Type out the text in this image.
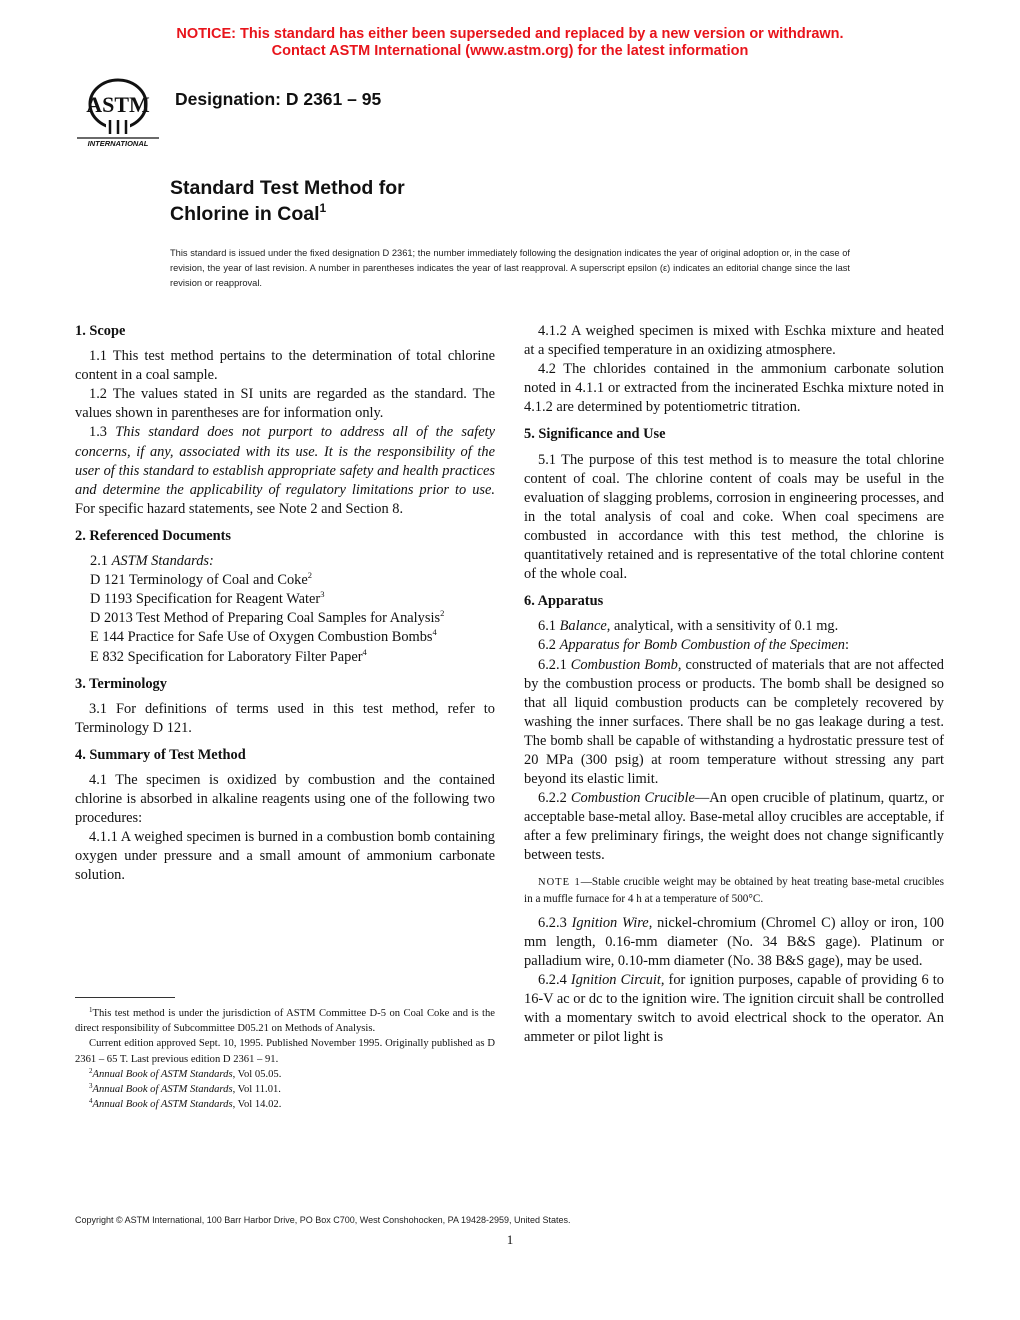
NOTICE: This standard has either been superseded and replaced by a new version or withdrawn.
Contact ASTM International (www.astm.org) for the latest information
ASTM
INTERNATIONAL
Designation: D 2361 – 95
Standard Test Method for
Chlorine in Coal$^1$
This standard is issued under the fixed designation D 2361; the number immediately following the designation indicates the year of original adoption or, in the case of revision, the year of last revision. A number in parentheses indicates the year of last reapproval. A superscript epsilon (ε) indicates an editorial change since the last revision or reapproval.
1. Scope
1.1 This test method pertains to the determination of total chlorine content in a coal sample.
1.2 The values stated in SI units are regarded as the standard. The values shown in parentheses are for information only.
1.3 This standard does not purport to address all of the safety concerns, if any, associated with its use. It is the responsibility of the user of this standard to establish appropriate safety and health practices and determine the applicability of regulatory limitations prior to use. For specific hazard statements, see Note 2 and Section 8.
2. Referenced Documents
2.1 ASTM Standards:
D 121 Terminology of Coal and Coke$^2$
D 1193 Specification for Reagent Water$^3$
D 2013 Test Method of Preparing Coal Samples for Analysis$^2$
E 144 Practice for Safe Use of Oxygen Combustion Bombs$^4$
E 832 Specification for Laboratory Filter Paper$^4$
3. Terminology
3.1 For definitions of terms used in this test method, refer to Terminology D 121.
4. Summary of Test Method
4.1 The specimen is oxidized by combustion and the contained chlorine is absorbed in alkaline reagents using one of the following two procedures:
4.1.1 A weighed specimen is burned in a combustion bomb containing oxygen under pressure and a small amount of ammonium carbonate solution.
4.1.2 A weighed specimen is mixed with Eschka mixture and heated at a specified temperature in an oxidizing atmosphere.
4.2 The chlorides contained in the ammonium carbonate solution noted in 4.1.1 or extracted from the incinerated Eschka mixture noted in 4.1.2 are determined by potentiometric titration.
5. Significance and Use
5.1 The purpose of this test method is to measure the total chlorine content of coal. The chlorine content of coals may be useful in the evaluation of slagging problems, corrosion in engineering processes, and in the total analysis of coal and coke. When coal specimens are combusted in accordance with this test method, the chlorine is quantitatively retained and is representative of the total chlorine content of the whole coal.
6. Apparatus
6.1 Balance, analytical, with a sensitivity of 0.1 mg.
6.2 Apparatus for Bomb Combustion of the Specimen:
6.2.1 Combustion Bomb, constructed of materials that are not affected by the combustion process or products. The bomb shall be designed so that all liquid combustion products can be completely recovered by washing the inner surfaces. There shall be no gas leakage during a test. The bomb shall be capable of withstanding a hydrostatic pressure test of 20 MPa (300 psig) at room temperature without stressing any part beyond its elastic limit.
6.2.2 Combustion Crucible—An open crucible of platinum, quartz, or acceptable base-metal alloy. Base-metal alloy crucibles are acceptable, if after a few preliminary firings, the weight does not change significantly between tests.
NOTE 1—Stable crucible weight may be obtained by heat treating base-metal crucibles in a muffle furnace for 4 h at a temperature of 500°C.
6.2.3 Ignition Wire, nickel-chromium (Chromel C) alloy or iron, 100 mm length, 0.16-mm diameter (No. 34 B&S gage). Platinum or palladium wire, 0.10-mm diameter (No. 38 B&S gage), may be used.
6.2.4 Ignition Circuit, for ignition purposes, capable of providing 6 to 16-V ac or dc to the ignition wire. The ignition circuit shall be controlled with a momentary switch to avoid electrical shock to the operator. An ammeter or pilot light is
$^1$This test method is under the jurisdiction of ASTM Committee D-5 on Coal Coke and is the direct responsibility of Subcommittee D05.21 on Methods of Analysis.
Current edition approved Sept. 10, 1995. Published November 1995. Originally published as D 2361 – 65 T. Last previous edition D 2361 – 91.
$^2$Annual Book of ASTM Standards, Vol 05.05.
$^3$Annual Book of ASTM Standards, Vol 11.01.
$^4$Annual Book of ASTM Standards, Vol 14.02.
Copyright © ASTM International, 100 Barr Harbor Drive, PO Box C700, West Conshohocken, PA 19428-2959, United States.
1
